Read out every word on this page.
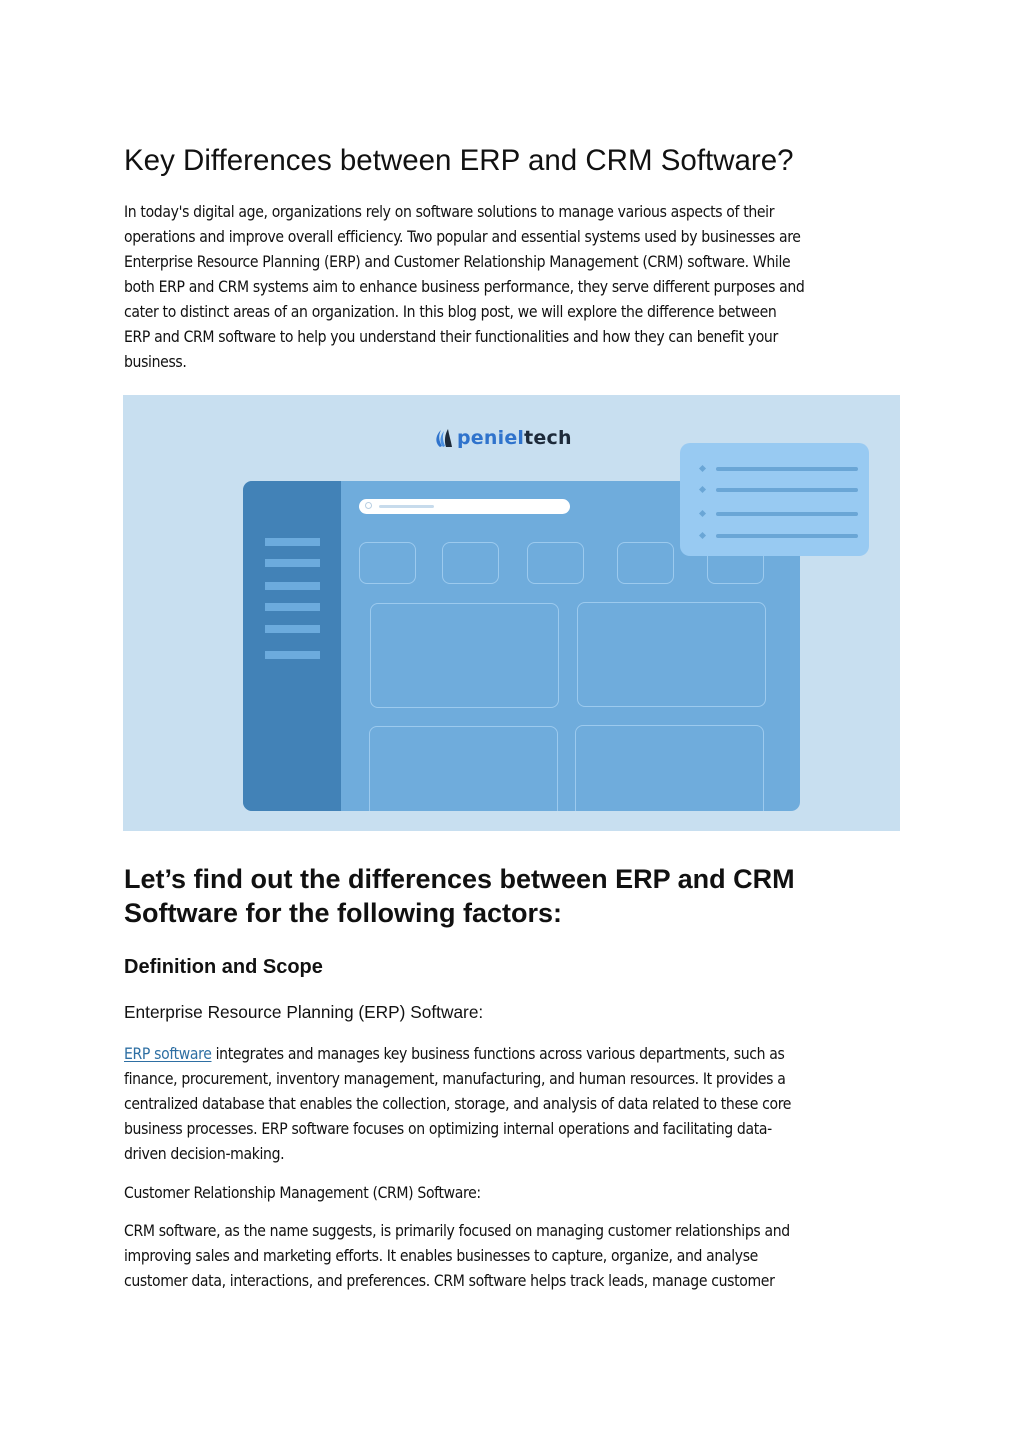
Key Differences between ERP and CRM Software?
In today's digital age, organizations rely on software solutions to manage various aspects of their
operations and improve overall efficiency. Two popular and essential systems used by businesses are
Enterprise Resource Planning (ERP) and Customer Relationship Management (CRM) software. While
both ERP and CRM systems aim to enhance business performance, they serve different purposes and
cater to distinct areas of an organization. In this blog post, we will explore the difference between
ERP and CRM software to help you understand their functionalities and how they can benefit your
business.
penieltech
Let’s find out the differences between ERP and CRM Software for the following factors:
Definition and Scope
Enterprise Resource Planning (ERP) Software:
ERP software integrates and manages key business functions across various departments, such as
finance, procurement, inventory management, manufacturing, and human resources. It provides a
centralized database that enables the collection, storage, and analysis of data related to these core
business processes. ERP software focuses on optimizing internal operations and facilitating data-
driven decision-making.

Customer Relationship Management (CRM) Software:

CRM software, as the name suggests, is primarily focused on managing customer relationships and
improving sales and marketing efforts. It enables businesses to capture, organize, and analyse
customer data, interactions, and preferences. CRM software helps track leads, manage customer
